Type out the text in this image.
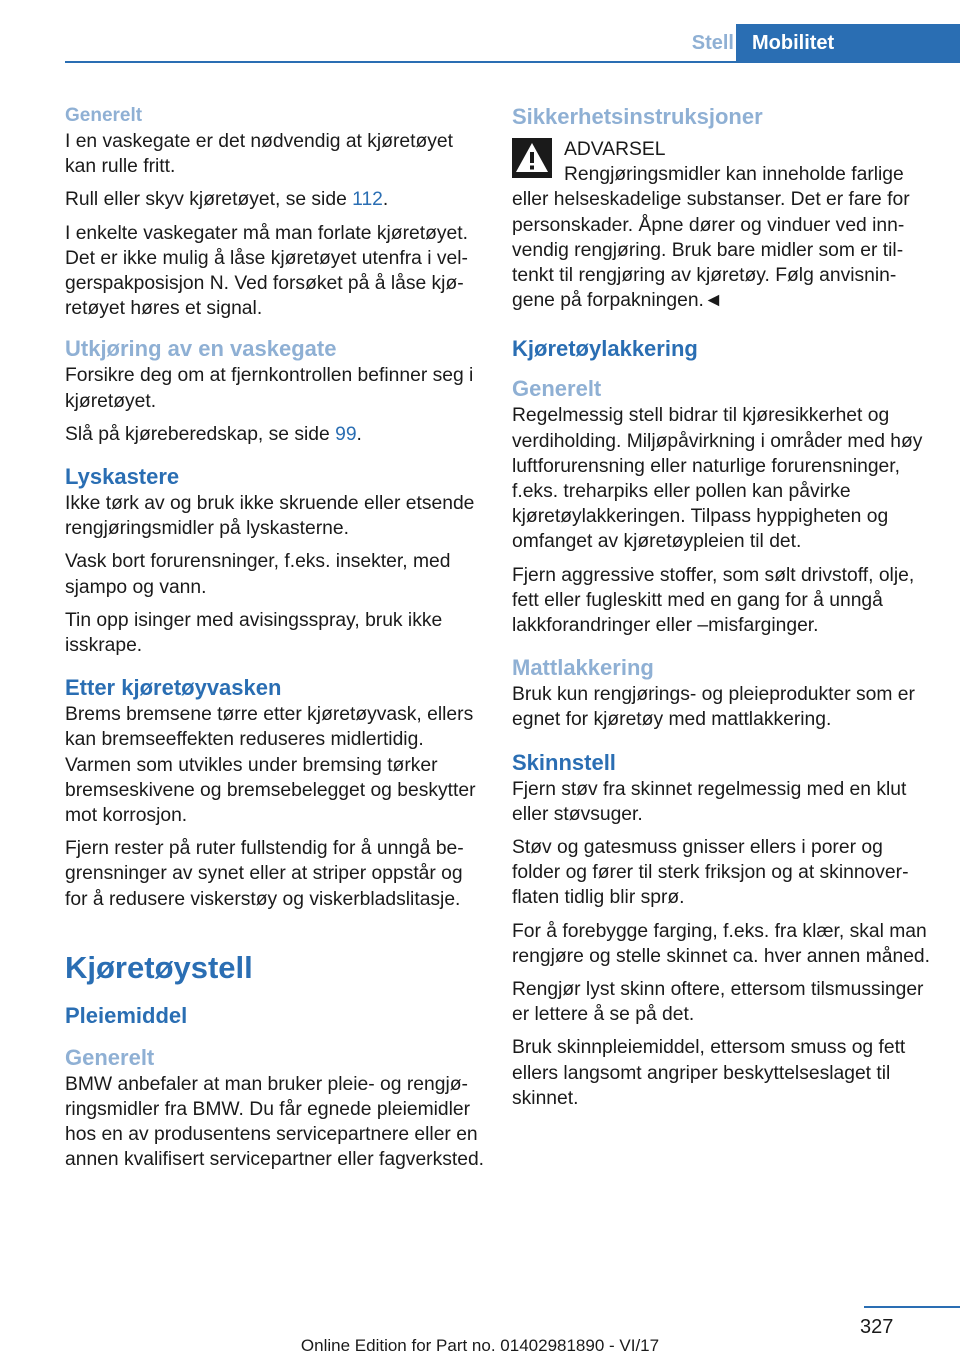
Stell Mobilitet
Generelt

I en vaskegate er det nødvendig at kjøretøyet kan rulle fritt.

Rull eller skyv kjøretøyet, se side 112.

I enkelte vaskegater må man forlate kjøretøyet. Det er ikke mulig å låse kjøretøyet utenfra i velgerspakposisjon N. Ved forsøket på å låse kjøretøyet høres et signal.

Utkjøring av en vaskegate

Forsikre deg om at fjernkontrollen befinner seg i kjøretøyet.

Slå på kjøreberedskap, se side 99.

Lyskastere

Ikke tørk av og bruk ikke skruende eller etsende rengjøringsmidler på lyskasterne.

Vask bort forurensninger, f.eks. insekter, med sjampo og vann.

Tin opp isinger med avisingsspray, bruk ikke isskrape.

Etter kjøretøyvasken

Brems bremsene tørre etter kjøretøyvask, ellers kan bremseeffekten reduseres midlertidig. Varmen som utvikles under bremsing tørker bremseskivene og bremsebelegget og beskytter mot korrosjon.

Fjern rester på ruter fullstendig for å unngå begrensninger av synet eller at striper oppstår og for å redusere viskerstøy og viskerbladslitasje.

Kjøretøystell
Pleiemiddel
Generelt

BMW anbefaler at man bruker pleie- og rengjøringsmidler fra BMW. Du får egnede pleiemidler hos en av produsentens servicepartnere eller en annen kvalifisert servicepartner eller fagverksted.

Sikkerhetsinstruksjoner
ADVARSEL

Rengjøringsmidler kan inneholde farlige eller helseskadelige substanser. Det er fare for personskader. Åpne dører og vinduer ved innvendig rengjøring. Bruk bare midler som er tiltenkt til rengjøring av kjøretøy. Følg anvisningene på forpakningen.◄

Kjøretøylakkering
Generelt

Regelmessig stell bidrar til kjøresikkerhet og verdiholding. Miljøpåvirkning i områder med høy luftforurensning eller naturlige forurensninger, f.eks. treharpiks eller pollen kan påvirke kjøretøylakkeringen. Tilpass hyppigheten og omfanget av kjøretøypleien til det.

Fjern aggressive stoffer, som sølt drivstoff, olje, fett eller fugleskitt med en gang for å unngå lakkforandringer eller –misfarginger.

Mattlakkering

Bruk kun rengjørings- og pleieprodukter som er egnet for kjøretøy med mattlakkering.

Skinnstell

Fjern støv fra skinnet regelmessig med en klut eller støvsuger.

Støv og gatesmuss gnisser ellers i porer og folder og fører til sterk friksjon og at skinnoverflaten tidlig blir sprø.

For å forebygge farging, f.eks. fra klær, skal man rengjøre og stelle skinnet ca. hver annen måned.

Rengjør lyst skinn oftere, ettersom tilsmussinger er lettere å se på det.

Bruk skinnpleiemiddel, ettersom smuss og fett ellers langsomt angriper beskyttelseslaget til skinnet.

327
Online Edition for Part no. 01402981890 - VI/17
